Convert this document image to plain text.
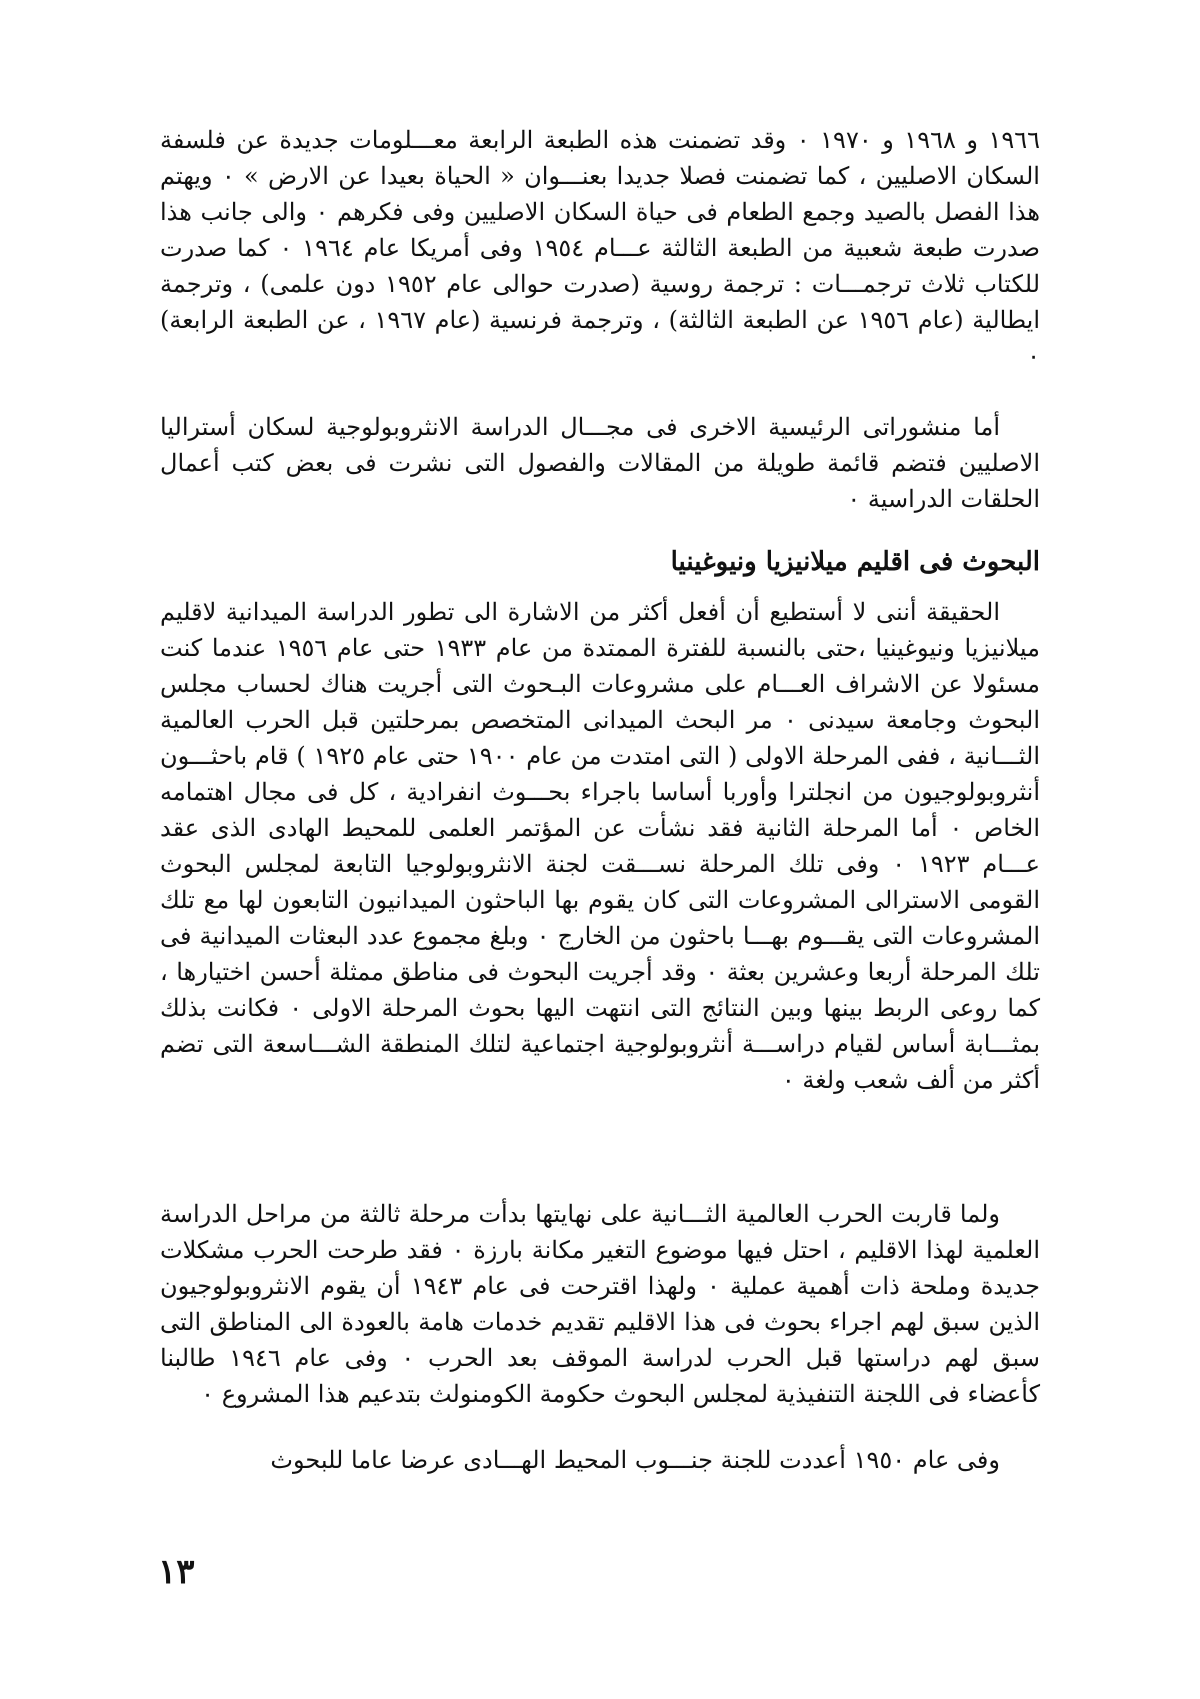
١٩٦٦ و ١٩٦٨ و ١٩٧٠ ٠ وقد تضمنت هذه الطبعة الرابعة معـــلومات جديدة عن فلسفة السكان الاصليين ، كما تضمنت فصلا جديدا بعنـــوان « الحياة بعيدا عن الارض » ٠ ويهتم هذا الفصل بالصيد وجمع الطعام فى حياة السكان الاصليين وفى فكرهم ٠ والى جانب هذا صدرت طبعة شعبية من الطبعة الثالثة عـــام ١٩٥٤ وفى أمريكا عام ١٩٦٤ ٠ كما صدرت للكتاب ثلاث ترجمـــات : ترجمة روسية (صدرت حوالى عام ١٩٥٢ دون علمى) ، وترجمة ايطالية (عام ١٩٥٦ عن الطبعة الثالثة) ، وترجمة فرنسية (عام ١٩٦٧ ، عن الطبعة الرابعة) ٠

أما منشوراتى الرئيسية الاخرى فى مجـــال الدراسة الانثروبولوجية لسكان أستراليا الاصليين فتضم قائمة طويلة من المقالات والفصول التى نشرت فى بعض كتب أعمال الحلقات الدراسية ٠

البحوث فى اقليم ميلانيزيا ونيوغينيا

الحقيقة أننى لا أستطيع أن أفعل أكثر من الاشارة الى تطور الدراسة الميدانية لاقليم ميلانيزيا ونيوغينيا ،حتى بالنسبة للفترة الممتدة من عام ١٩٣٣ حتى عام ١٩٥٦ عندما كنت مسئولا عن الاشراف العـــام على مشروعات البـحوث التى أجريت هناك لحساب مجلس البحوث وجامعة سيدنى ٠ مر البحث الميدانى المتخصص بمرحلتين قبل الحرب العالمية الثـــانية ، ففى المرحلة الاولى ( التى امتدت من عام ١٩٠٠ حتى عام ١٩٢٥ ) قام باحثـــون أنثروبولوجيون من انجلترا وأوربا أساسا باجراء بحـــوث انفرادية ، كل فى مجال اهتمامه الخاص ٠ أما المرحلة الثانية فقد نشأت عن المؤتمر العلمى للمحيط الهادى الذى عقد عـــام ١٩٢٣ ٠ وفى تلك المرحلة نســـقت لجنة الانثروبولوجيا التابعة لمجلس البحوث القومى الاسترالى المشروعات التى كان يقوم بها الباحثون الميدانيون التابعون لها مع تلك المشروعات التى يقـــوم بهـــا باحثون من الخارج ٠ وبلغ مجموع عدد البعثات الميدانية فى تلك المرحلة أربعا وعشرين بعثة ٠ وقد أجريت البحوث فى مناطق ممثلة أحسن اختيارها ، كما روعى الربط بينها وبين النتائج التى انتهت اليها بحوث المرحلة الاولى ٠ فكانت بذلك بمثـــابة أساس لقيام دراســـة أنثروبولوجية اجتماعية لتلك المنطقة الشـــاسعة التى تضم أكثر من ألف شعب ولغة ٠

ولما قاربت الحرب العالمية الثـــانية على نهايتها بدأت مرحلة ثالثة من مراحل الدراسة العلمية لهذا الاقليم ، احتل فيها موضوع التغير مكانة بارزة ٠ فقد طرحت الحرب مشكلات جديدة وملحة ذات أهمية عملية ٠ ولهذا اقترحت فى عام ١٩٤٣ أن يقوم الانثروبولوجيون الذين سبق لهم اجراء بحوث فى هذا الاقليم تقديم خدمات هامة بالعودة الى المناطق التى سبق لهم دراستها قبل الحرب لدراسة الموقف بعد الحرب ٠ وفى عام ١٩٤٦ طالبنا كأعضاء فى اللجنة التنفيذية لمجلس البحوث حكومة الكومنولث بتدعيم هذا المشروع ٠

وفى عام ١٩٥٠ أعددت للجنة جنـــوب المحيط الهـــادى عرضا عاما للبحوث

١٣
